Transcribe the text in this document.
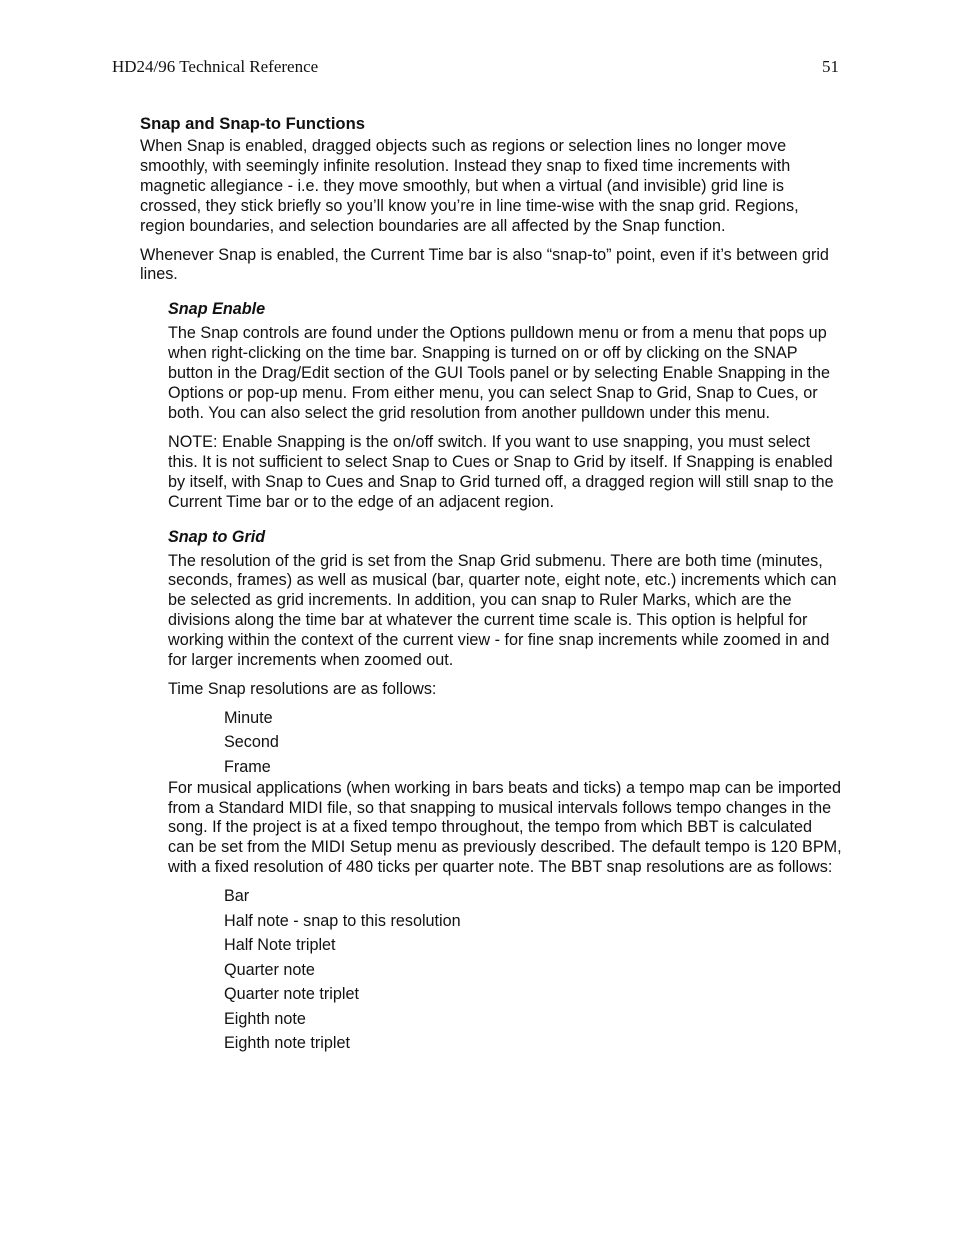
HD24/96 Technical Reference	51
Snap and Snap-to Functions

When Snap is enabled, dragged objects such as regions or selection lines no longer move smoothly, with seemingly infinite resolution. Instead they snap to fixed time increments with magnetic allegiance - i.e. they move smoothly, but when a virtual (and invisible) grid line is crossed, they stick briefly so you’ll know you’re in line time-wise with the snap grid. Regions, region boundaries, and selection boundaries are all affected by the Snap function.

Whenever Snap is enabled, the Current Time bar is also “snap-to” point, even if it’s between grid lines.

Snap Enable

The Snap controls are found under the Options pulldown menu or from a menu that pops up when right-clicking on the time bar. Snapping is turned on or off by clicking on the SNAP button in the Drag/Edit section of the GUI Tools panel or by selecting Enable Snapping in the Options or pop-up menu. From either menu, you can select Snap to Grid, Snap to Cues, or both. You can also select the grid resolution from another pulldown under this menu.

NOTE: Enable Snapping is the on/off switch. If you want to use snapping, you must select this. It is not sufficient to select Snap to Cues or Snap to Grid by itself. If Snapping is enabled by itself, with Snap to Cues and Snap to Grid turned off, a dragged region will still snap to the Current Time bar or to the edge of an adjacent region.

Snap to Grid

The resolution of the grid is set from the Snap Grid submenu. There are both time (minutes, seconds, frames) as well as musical (bar, quarter note, eight note, etc.) increments which can be selected as grid increments. In addition, you can snap to Ruler Marks, which are the divisions along the time bar at whatever the current time scale is. This option is helpful for working within the context of the current view - for fine snap increments while zoomed in and for larger increments when zoomed out.

Time Snap resolutions are as follows:

Minute
Second
Frame

For musical applications (when working in bars beats and ticks) a tempo map can be imported from a Standard MIDI file, so that snapping to musical intervals follows tempo changes in the song. If the project is at a fixed tempo throughout, the tempo from which BBT is calculated can be set from the MIDI Setup menu as previously described. The default tempo is 120 BPM, with a fixed resolution of 480 ticks per quarter note. The BBT snap resolutions are as follows:

Bar
Half note - snap to this resolution
Half Note triplet
Quarter note
Quarter note triplet
Eighth note
Eighth note triplet
